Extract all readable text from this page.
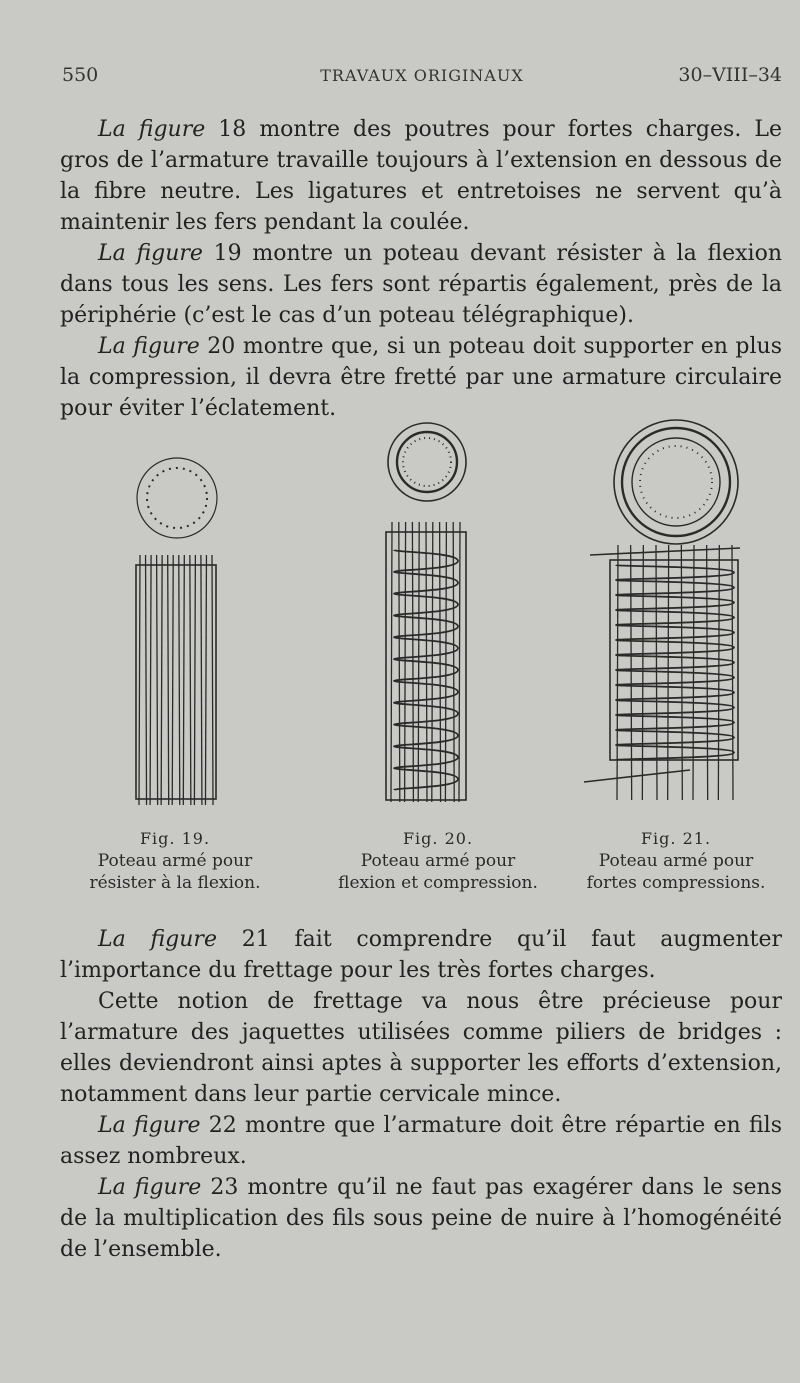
550	TRAVAUX ORIGINAUX	30–VIII–34

La figure 18 montre des poutres pour fortes charges. Le gros de l’armature travaille toujours à l’extension en dessous de la fibre neutre. Les ligatures et entretoises ne servent qu’à maintenir les fers pendant la coulée.

La figure 19 montre un poteau devant résister à la flexion dans tous les sens. Les fers sont répartis également, près de la périphérie (c’est le cas d’un poteau télégraphique).

La figure 20 montre que, si un poteau doit supporter en plus la compression, il devra être fretté par une armature circulaire pour éviter l’éclatement.

Fig. 19.
Poteau armé pour
résister à la flexion.
Fig. 20.
Poteau armé pour
flexion et compression.
Fig. 21.
Poteau armé pour
fortes compressions.

La figure 21 fait comprendre qu’il faut augmenter l’importance du frettage pour les très fortes charges.

Cette notion de frettage va nous être précieuse pour l’armature des jaquettes utilisées comme piliers de bridges : elles deviendront ainsi aptes à supporter les efforts d’extension, notamment dans leur partie cervicale mince.

La figure 22 montre que l’armature doit être répartie en fils assez nombreux.

La figure 23 montre qu’il ne faut pas exagérer dans le sens de la multiplication des fils sous peine de nuire à l’homogénéité de l’ensemble.
